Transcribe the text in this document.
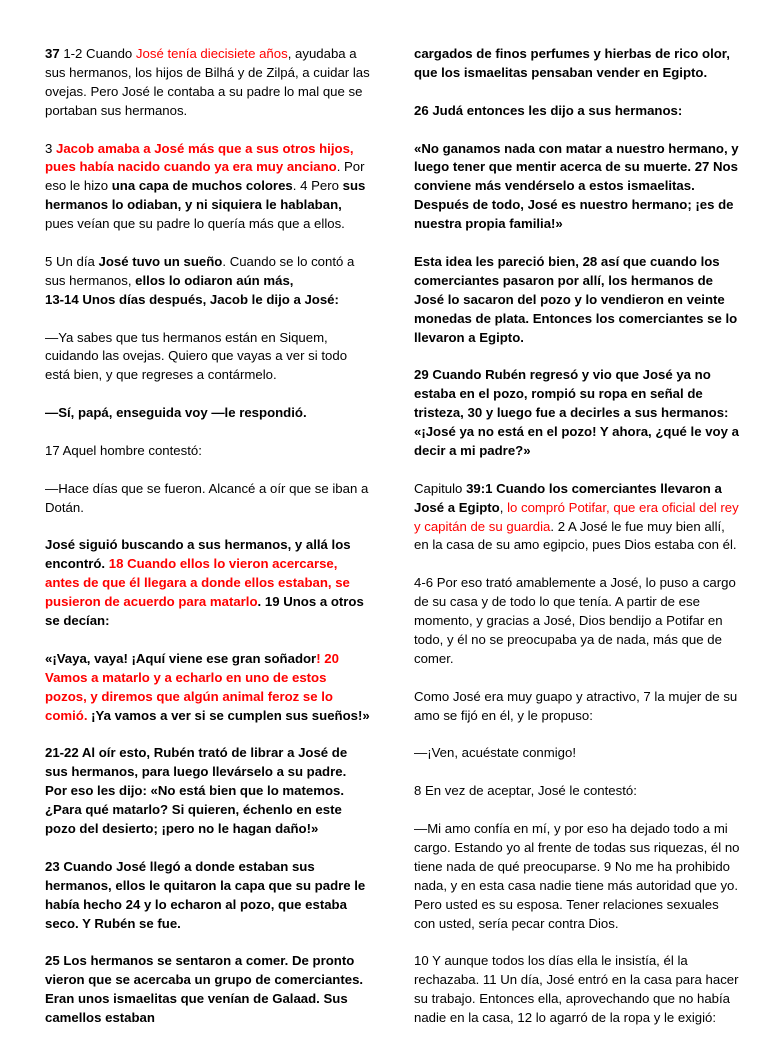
37 1-2 Cuando José tenía diecisiete años, ayudaba a sus hermanos, los hijos de Bilhá y de Zilpá, a cuidar las ovejas. Pero José le contaba a su padre lo mal que se portaban sus hermanos.

3 Jacob amaba a José más que a sus otros hijos, pues había nacido cuando ya era muy anciano. Por eso le hizo una capa de muchos colores. 4 Pero sus hermanos lo odiaban, y ni siquiera le hablaban, pues veían que su padre lo quería más que a ellos.

5 Un día José tuvo un sueño. Cuando se lo contó a sus hermanos, ellos lo odiaron aún más,
13-14 Unos días después, Jacob le dijo a José:

—Ya sabes que tus hermanos están en Siquem, cuidando las ovejas. Quiero que vayas a ver si todo está bien, y que regreses a contármelo.

—Sí, papá, enseguida voy —le respondió.

17 Aquel hombre contestó:

—Hace días que se fueron. Alcancé a oír que se iban a Dotán.

José siguió buscando a sus hermanos, y allá los encontró. 18 Cuando ellos lo vieron acercarse, antes de que él llegara a donde ellos estaban, se pusieron de acuerdo para matarlo. 19 Unos a otros se decían:

«¡Vaya, vaya! ¡Aquí viene ese gran soñador! 20 Vamos a matarlo y a echarlo en uno de estos pozos, y diremos que algún animal feroz se lo comió. ¡Ya vamos a ver si se cumplen sus sueños!»

21-22 Al oír esto, Rubén trató de librar a José de sus hermanos, para luego llevárselo a su padre. Por eso les dijo: «No está bien que lo matemos. ¿Para qué matarlo? Si quieren, échenlo en este pozo del desierto; ¡pero no le hagan daño!»

23 Cuando José llegó a donde estaban sus hermanos, ellos le quitaron la capa que su padre le había hecho 24 y lo echaron al pozo, que estaba seco. Y Rubén se fue.

25 Los hermanos se sentaron a comer. De pronto vieron que se acercaba un grupo de comerciantes. Eran unos ismaelitas que venían de Galaad. Sus camellos estaban

cargados de finos perfumes y hierbas de rico olor, que los ismaelitas pensaban vender en Egipto.

26 Judá entonces les dijo a sus hermanos:

«No ganamos nada con matar a nuestro hermano, y luego tener que mentir acerca de su muerte. 27 Nos conviene más vendérselo a estos ismaelitas. Después de todo, José es nuestro hermano; ¡es de nuestra propia familia!»

Esta idea les pareció bien, 28 así que cuando los comerciantes pasaron por allí, los hermanos de José lo sacaron del pozo y lo vendieron en veinte monedas de plata. Entonces los comerciantes se lo llevaron a Egipto.

29 Cuando Rubén regresó y vio que José ya no estaba en el pozo, rompió su ropa en señal de tristeza, 30 y luego fue a decirles a sus hermanos: «¡José ya no está en el pozo! Y ahora, ¿qué le voy a decir a mi padre?»

Capitulo 39:1 Cuando los comerciantes llevaron a José a Egipto, lo compró Potifar, que era oficial del rey y capitán de su guardia. 2 A José le fue muy bien allí, en la casa de su amo egipcio, pues Dios estaba con él.

4-6 Por eso trató amablemente a José, lo puso a cargo de su casa y de todo lo que tenía. A partir de ese momento, y gracias a José, Dios bendijo a Potifar en todo, y él no se preocupaba ya de nada, más que de comer.

Como José era muy guapo y atractivo, 7 la mujer de su amo se fijó en él, y le propuso:

—¡Ven, acuéstate conmigo!

8 En vez de aceptar, José le contestó:

—Mi amo confía en mí, y por eso ha dejado todo a mi cargo. Estando yo al frente de todas sus riquezas, él no tiene nada de qué preocuparse. 9 No me ha prohibido nada, y en esta casa nadie tiene más autoridad que yo. Pero usted es su esposa. Tener relaciones sexuales con usted, sería pecar contra Dios.

10 Y aunque todos los días ella le insistía, él la rechazaba. 11 Un día, José entró en la casa para hacer su trabajo. Entonces ella, aprovechando que no había nadie en la casa, 12 lo agarró de la ropa y le exigió:
